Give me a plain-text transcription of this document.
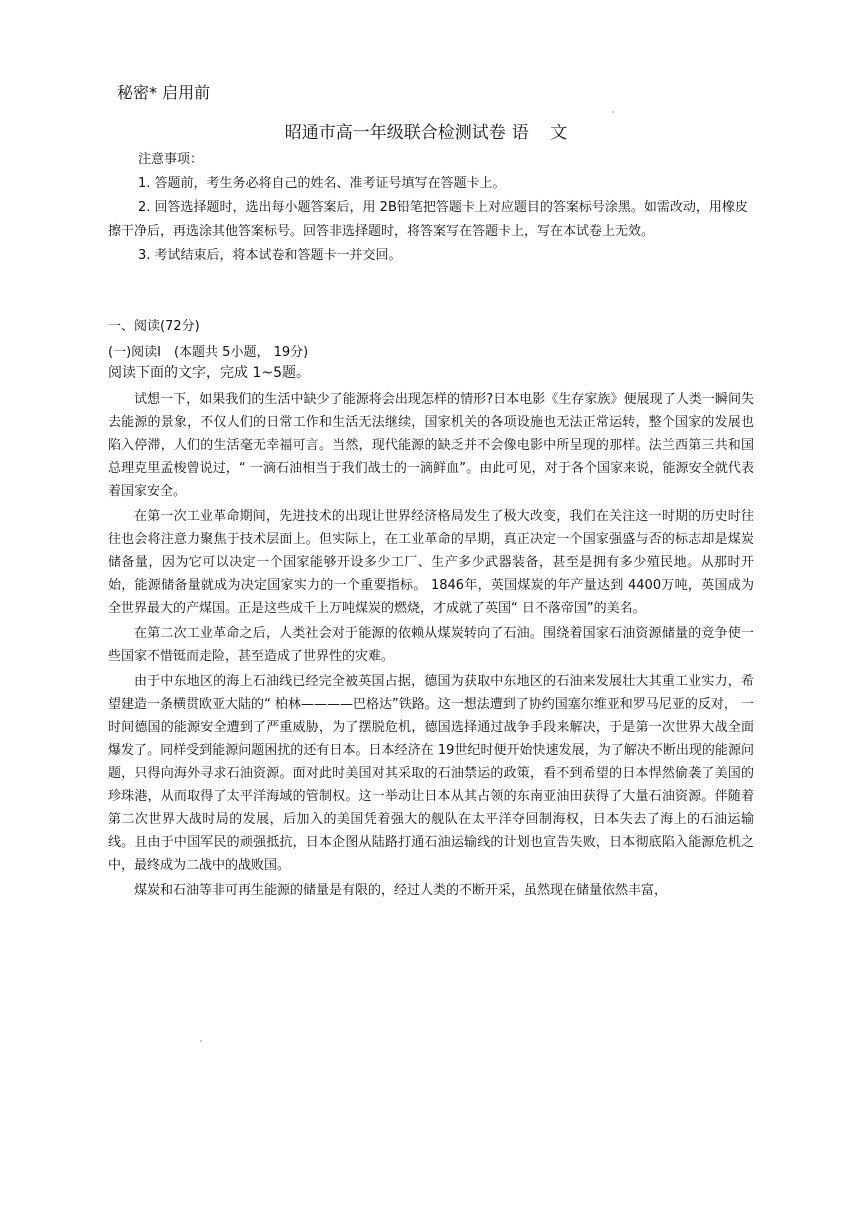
秘密* 启用前
昭通市高一年级联合检测试卷 语 文
注意事项：

1. 答题前，考生务必将自己的姓名、准考证号填写在答题卡上。

2. 回答选择题时，选出每小题答案后，用 2B铅笔把答题卡上对应题目的答案标号涂黑。如需改动，用橡皮擦干净后，再选涂其他答案标号。回答非选择题时，将答案写在答题卡上，写在本试卷上无效。

3. 考试结束后，将本试卷和答题卡一并交回。

一、阅读(72分)
(一)阅读Ⅰ　(本题共 5小题， 19分)
阅读下面的文字，完成 1~5题。

试想一下，如果我们的生活中缺少了能源将会出现怎样的情形?日本电影《生存家族》便展现了人类一瞬间失去能源的景象，不仅人们的日常工作和生活无法继续，国家机关的各项设施也无法正常运转，整个国家的发展也陷入停滞，人们的生活毫无幸福可言。当然，现代能源的缺乏并不会像电影中所呈现的那样。法兰西第三共和国总理克里孟梭曾说过，“ 一滴石油相当于我们战士的一滴鲜血”。由此可见，对于各个国家来说，能源安全就代表着国家安全。

在第一次工业革命期间，先进技术的出现让世界经济格局发生了极大改变，我们在关注这一时期的历史时往往也会将注意力聚焦于技术层面上。但实际上，在工业革命的早期，真正决定一个国家强盛与否的标志却是煤炭储备量，因为它可以决定一个国家能够开设多少工厂、生产多少武器装备，甚至是拥有多少殖民地。从那时开始，能源储备量就成为决定国家实力的一个重要指标。 1846年，英国煤炭的年产量达到 4400万吨，英国成为全世界最大的产煤国。正是这些成千上万吨煤炭的燃烧，才成就了英国“ 日不落帝国”的美名。

在第二次工业革命之后，人类社会对于能源的依赖从煤炭转向了石油。围绕着国家石油资源储量的竞争使一些国家不惜铤而走险，甚至造成了世界性的灾难。

由于中东地区的海上石油线已经完全被英国占据，德国为获取中东地区的石油来发展壮大其重工业实力，希望建造一条横贯欧亚大陆的“ 柏林————巴格达”铁路。这一想法遭到了协约国塞尔维亚和罗马尼亚的反对， 一时间德国的能源安全遭到了严重威胁，为了摆脱危机，德国选择通过战争手段来解决，于是第一次世界大战全面爆发了。同样受到能源问题困扰的还有日本。日本经济在 19世纪时便开始快速发展，为了解决不断出现的能源问题，只得向海外寻求石油资源。面对此时美国对其采取的石油禁运的政策，看不到希望的日本悍然偷袭了美国的珍珠港，从而取得了太平洋海域的管制权。这一举动让日本从其占领的东南亚油田获得了大量石油资源。伴随着第二次世界大战时局的发展，后加入的美国凭着强大的舰队在太平洋夺回制海权，日本失去了海上的石油运输线。且由于中国军民的顽强抵抗，日本企图从陆路打通石油运输线的计划也宣告失败，日本彻底陷入能源危机之中，最终成为二战中的战败国。

煤炭和石油等非可再生能源的储量是有限的，经过人类的不断开采，虽然现在储量依然丰富，
